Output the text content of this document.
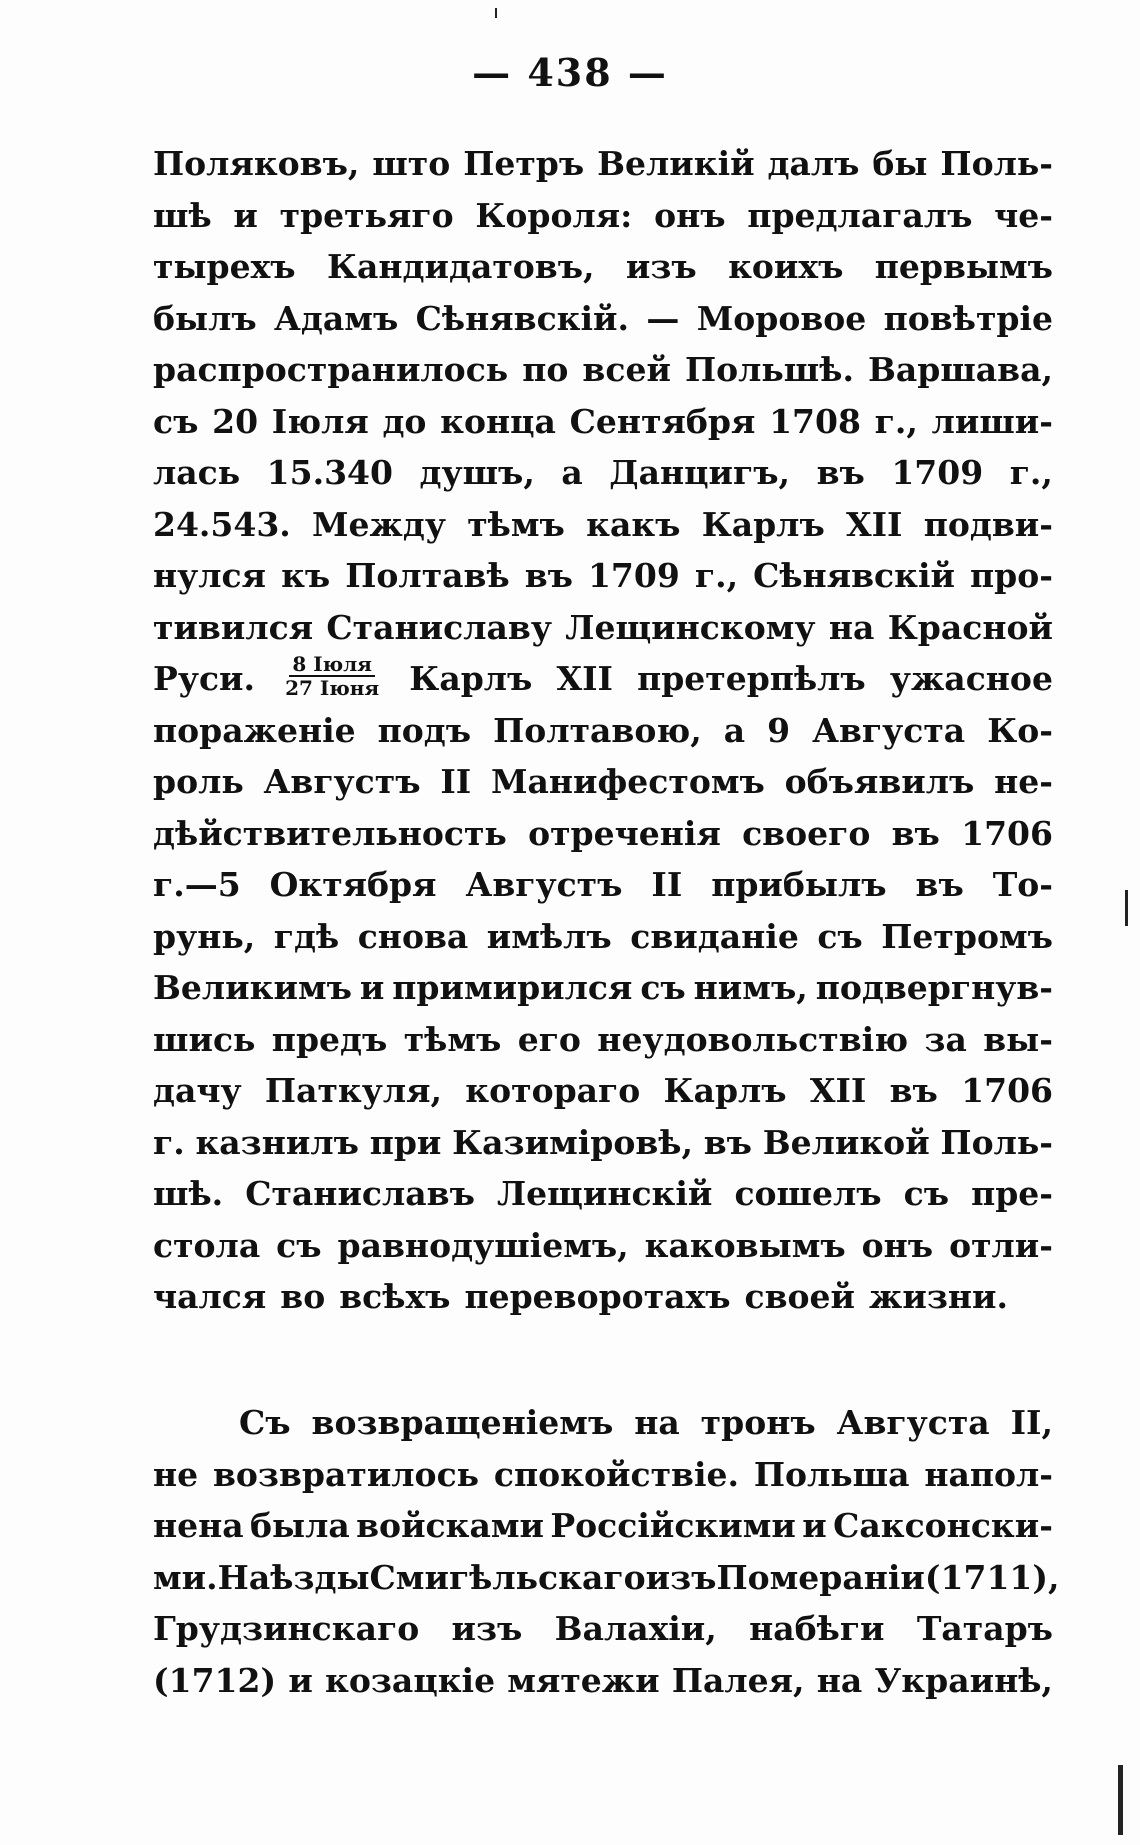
— 438 —
Поляковъ, што Петръ Великій далъ бы Поль-
шѣ и третьяго Короля: онъ предлагалъ че-
тырехъ Кандидатовъ, изъ коихъ первымъ
былъ Адамъ Сѣнявскій. — Моровое повѣтріе
распространилось по всей Польшѣ. Варшава,
съ 20 Іюля до конца Сентября 1708 г., лиши-
лась 15.340 душъ, а Данцигъ, въ 1709 г.,
24.543. Между тѣмъ какъ Карлъ XII подви-
нулся къ Полтавѣ въ 1709 г., Сѣнявскій про-
тивился Станиславу Лещинскому на Красной
Руси. $\frac{\text{8 Іюля}}{\text{27 Іюня}}$ Карлъ XII претерпѣлъ ужасное
пораженіе подъ Полтавою, а 9 Августа Ко-
роль Августъ II Манифестомъ объявилъ не-
дѣйствительность отреченія своего въ 1706
г.—5 Октября Августъ II прибылъ въ То-
рунь, гдѣ снова имѣлъ свиданіе съ Петромъ
Великимъ и примирился съ нимъ, подвергнув-
шись предъ тѣмъ его неудовольствію за вы-
дачу Паткуля, котораго Карлъ XII въ 1706
г. казнилъ при Казиміровѣ, въ Великой Поль-
шѣ. Станиславъ Лещинскій сошелъ съ пре-
стола съ равнодушіемъ, каковымъ онъ отли-
чался во всѣхъ переворотахъ своей жизни.
Съ возвращеніемъ на тронъ Августа II,
не возвратилось спокойствіе. Польша напол-
нена была войсками Россійскими и Саксонски-
ми. Наѣзды Смигѣльскаго изъ Помераніи (1711),
Грудзинскаго изъ Валахіи, набѣги Татаръ
(1712) и козацкіе мятежи Палея, на Украинѣ,
